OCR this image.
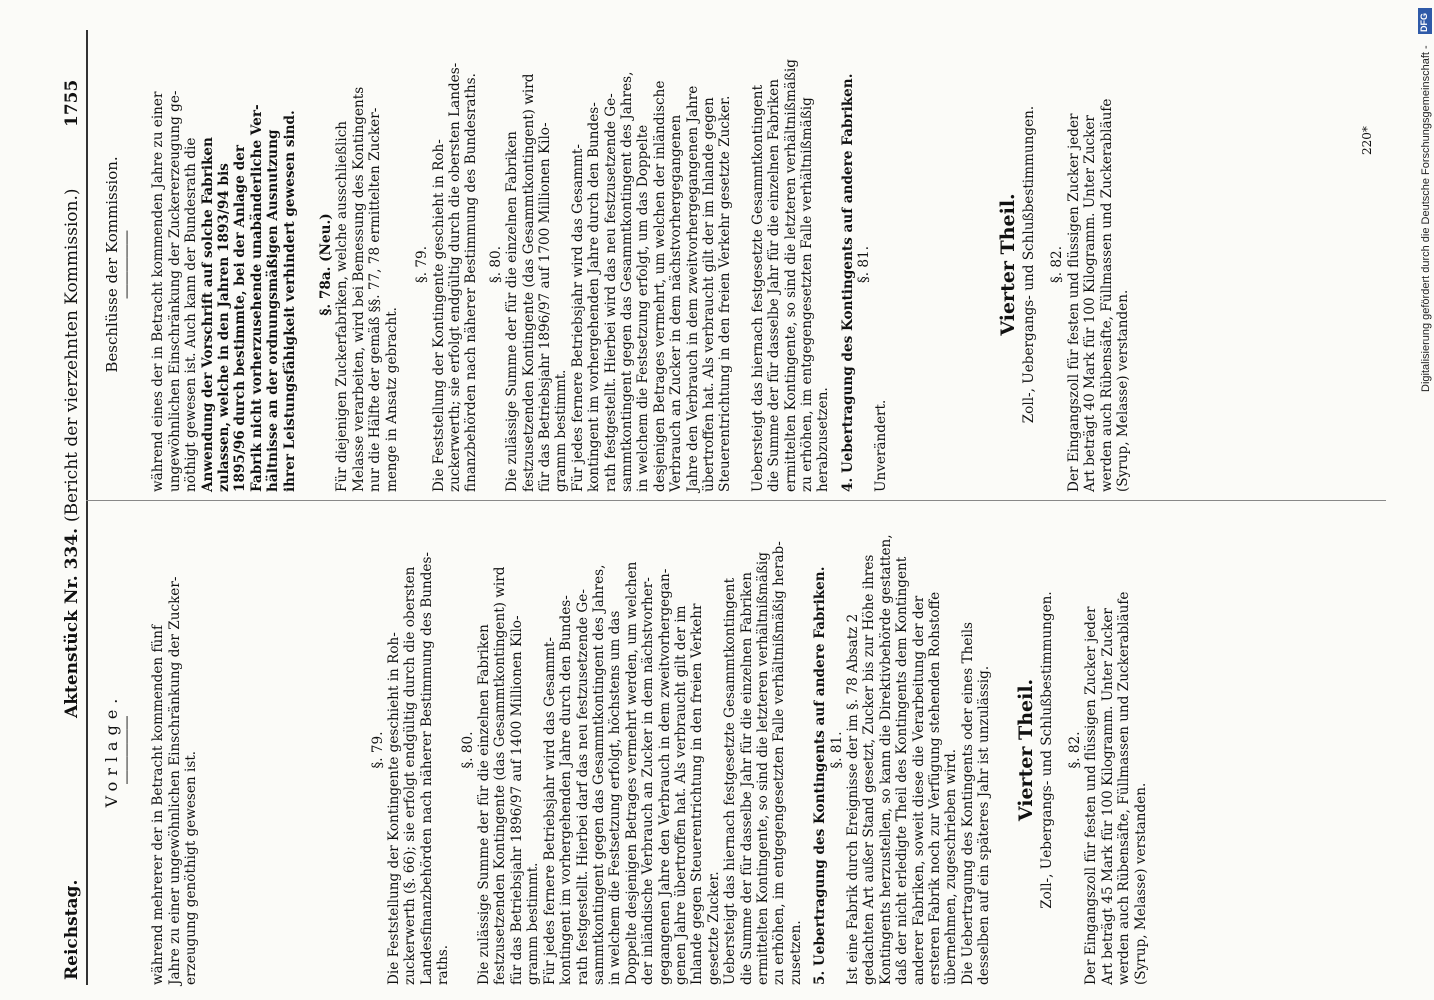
Reichstag.
Aktenstück Nr. 334. (Bericht der vierzehnten Kommission.)
1755

Vorlage.

――――― während mehrerer der in Betracht kommenden fünf Jahre zu einer ungewöhnlichen Einschränkung der Zucker- erzeugung genöthigt gewesen ist.

§. 79. Die Feststellung der Kontingente geschieht in Roh- zuckerwerth (§. 66); sie erfolgt endgültig durch die obersten Landesfinanzbehörden nach näherer Bestimmung des Bundes- raths.

§. 80. Die zulässige Summe der für die einzelnen Fabriken festzusetzenden Kontingente (das Gesammtkontingent) wird für das Betriebsjahr 1896/97 auf 1400 Millionen Kilo- gramm bestimmt. Für jedes fernere Betriebsjahr wird das Gesammt- kontingent im vorhergehenden Jahre durch den Bundes- rath festgestellt. Hierbei darf das neu festzusetzende Ge- sammtkontingent gegen das Gesammtkontingent des Jahres, in welchem die Festsetzung erfolgt, höchstens um das Doppelte desjenigen Betrages vermehrt werden, um welchen der inländische Verbrauch an Zucker in dem nächstvorher- gegangenen Jahre den Verbrauch in dem zweitvorhergegan- genen Jahre übertroffen hat. Als verbraucht gilt der im Inlande gegen Steuerentrichtung in den freien Verkehr gesetzte Zucker. Uebersteigt das hiernach festgesetzte Gesammtkontingent die Summe der für dasselbe Jahr für die einzelnen Fabriken ermittelten Kontingente, so sind die letzteren verhältnißmäßig zu erhöhen, im entgegengesetzten Falle verhältnißmäßig herab- zusetzen. 5. Uebertragung des Kontingents auf andere Fabriken. §. 81. Ist eine Fabrik durch Ereignisse der im §. 78 Absatz 2 gedachten Art außer Stand gesetzt, Zucker bis zur Höhe ihres Kontingents herzustellen, so kann die Direktivbehörde gestatten, daß der nicht erledigte Theil des Kontingents dem Kontingent anderer Fabriken, soweit diese die Verarbeitung der der ersteren Fabrik noch zur Verfügung stehenden Rohstoffe übernehmen, zugeschrieben wird. Die Uebertragung des Kontingents oder eines Theils desselben auf ein späteres Jahr ist unzulässig. Vierter Theil. Zoll-, Uebergangs- und Schlußbestimmungen. §. 82. Der Eingangszoll für festen und flüssigen Zucker jeder Art beträgt 45 Mark für 100 Kilogramm. Unter Zucker werden auch Rübensäfte, Füllmassen und Zuckerabläufe (Syrup, Melasse) verstanden.

Beschlüsse der Kommission.

――――― während eines der in Betracht kommenden Jahre zu einer ungewöhnlichen Einschränkung der Zuckererzeugung ge- nöthigt gewesen ist. Auch kann der Bundesrath die Anwendung der Vorschrift auf solche Fabriken zulassen, welche in den Jahren 1893/94 bis 1895/96 durch bestimmte, bei der Anlage der Fabrik nicht vorherzusehende unabänderliche Ver- hältnisse an der ordnungsmäßigen Ausnutzung ihrer Leistungsfähigkeit verhindert gewesen sind. §. 78a. (Neu.) Für diejenigen Zuckerfabriken, welche ausschließlich Melasse verarbeiten, wird bei Bemessung des Kontingents nur die Hälfte der gemäß §§. 77, 78 ermittelten Zucker- menge in Ansatz gebracht.

§. 79. Die Feststellung der Kontingente geschieht in Roh- zuckerwerth; sie erfolgt endgültig durch die obersten Landes- finanzbehörden nach näherer Bestimmung des Bundesraths. §. 80. Die zulässige Summe der für die einzelnen Fabriken festzusetzenden Kontingente (das Gesammtkontingent) wird für das Betriebsjahr 1896/97 auf 1700 Millionen Kilo- gramm bestimmt. Für jedes fernere Betriebsjahr wird das Gesammt- kontingent im vorhergehenden Jahre durch den Bundes- rath festgestellt. Hierbei wird das neu festzusetzende Ge- sammtkontingent gegen das Gesammtkontingent des Jahres, in welchem die Festsetzung erfolgt, um das Doppelte desjenigen Betrages vermehrt, um welchen der inländische Verbrauch an Zucker in dem nächstvorhergegangenen Jahre den Verbrauch in dem zweitvorhergegangenen Jahre übertroffen hat. Als verbraucht gilt der im Inlande gegen Steuerentrichtung in den freien Verkehr gesetzte Zucker. Uebersteigt das hiernach festgesetzte Gesammtkontingent die Summe der für dasselbe Jahr für die einzelnen Fabriken ermittelten Kontingente, so sind die letzteren verhältnißmäßig zu erhöhen, im entgegengesetzten Falle verhältnißmäßig herabzusetzen. 4. Uebertragung des Kontingents auf andere Fabriken. §. 81.

Unverändert.

Vierter Theil. Zoll-, Uebergangs- und Schlußbestimmungen. §. 82. Der Eingangszoll für festen und flüssigen Zucker jeder Art beträgt 40 Mark für 100 Kilogramm. Unter Zucker werden auch Rübensäfte, Füllmassen und Zuckerabläufe (Syrup, Melasse) verstanden.

220*
DFG
Digitalisierung gefördert durch die Deutsche Forschungsgemeinschaft -
